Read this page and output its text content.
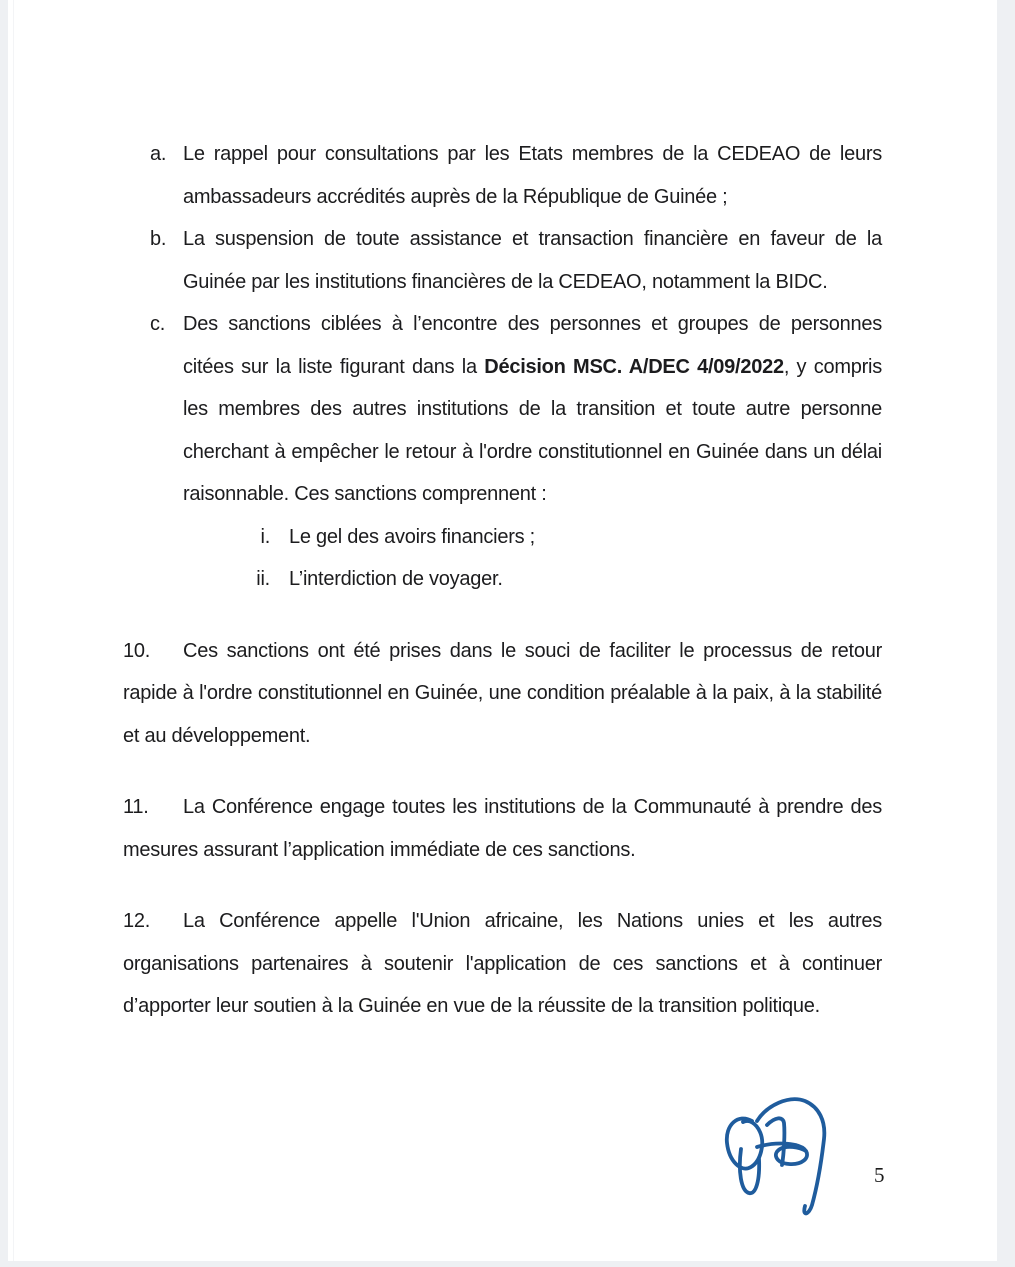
a. Le rappel pour consultations par les Etats membres de la CEDEAO de leurs ambassadeurs accrédités auprès de la République de Guinée ;
b. La suspension de toute assistance et transaction financière en faveur de la Guinée par les institutions financières de la CEDEAO, notamment la BIDC.
c. Des sanctions ciblées à l’encontre des personnes et groupes de personnes citées sur la liste figurant dans la Décision MSC. A/DEC 4/09/2022, y compris les membres des autres institutions de la transition et toute autre personne cherchant à empêcher le retour à l'ordre constitutionnel en Guinée dans un délai raisonnable. Ces sanctions comprennent :
i. Le gel des avoirs financiers ;
ii. L’interdiction de voyager.

10. Ces sanctions ont été prises dans le souci de faciliter le processus de retour rapide à l'ordre constitutionnel en Guinée, une condition préalable à la paix, à la stabilité et au développement.

11. La Conférence engage toutes les institutions de la Communauté à prendre des mesures assurant l’application immédiate de ces sanctions.

12. La Conférence appelle l'Union africaine, les Nations unies et les autres organisations partenaires à soutenir l'application de ces sanctions et à continuer d’apporter leur soutien à la Guinée en vue de la réussite de la transition politique.

5
